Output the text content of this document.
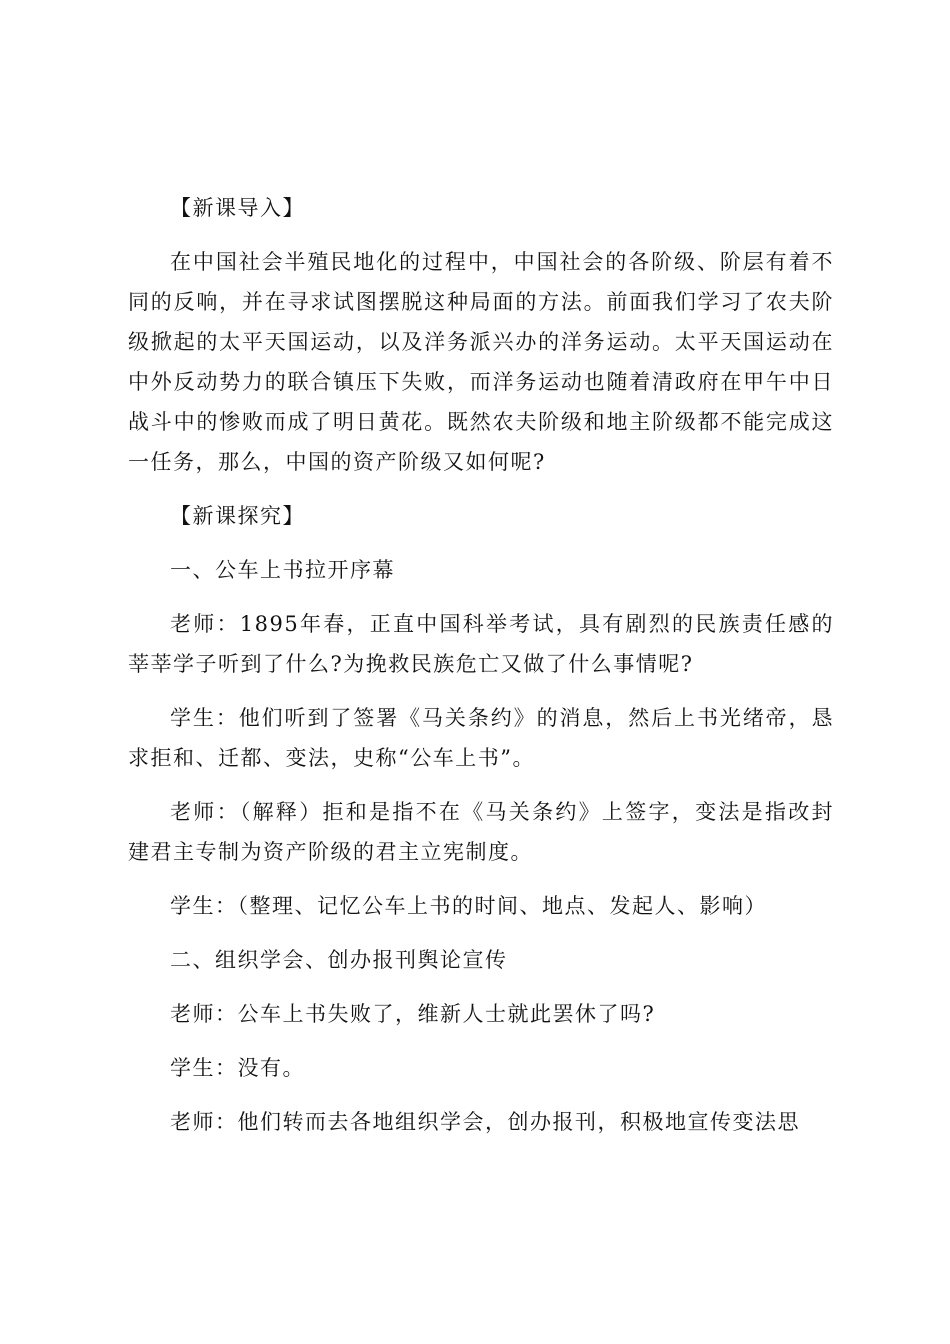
【新课导入】

在中国社会半殖民地化的过程中，中国社会的各阶级、阶层有着不同的反响，并在寻求试图摆脱这种局面的方法。前面我们学习了农夫阶级掀起的太平天国运动，以及洋务派兴办的洋务运动。太平天国运动在中外反动势力的联合镇压下失败，而洋务运动也随着清政府在甲午中日战斗中的惨败而成了明日黄花。既然农夫阶级和地主阶级都不能完成这一任务，那么，中国的资产阶级又如何呢?

【新课探究】

一、公车上书拉开序幕

老师：1895年春，正直中国科举考试，具有剧烈的民族责任感的莘莘学子听到了什么?为挽救民族危亡又做了什么事情呢?

学生：他们听到了签署《马关条约》的消息，然后上书光绪帝，恳求拒和、迁都、变法，史称“公车上书”。

老师：（解释）拒和是指不在《马关条约》上签字，变法是指改封建君主专制为资产阶级的君主立宪制度。

学生：（整理、记忆公车上书的时间、地点、发起人、影响）

二、组织学会、创办报刊舆论宣传

老师：公车上书失败了，维新人士就此罢休了吗?

学生：没有。

老师：他们转而去各地组织学会，创办报刊，积极地宣传变法思
